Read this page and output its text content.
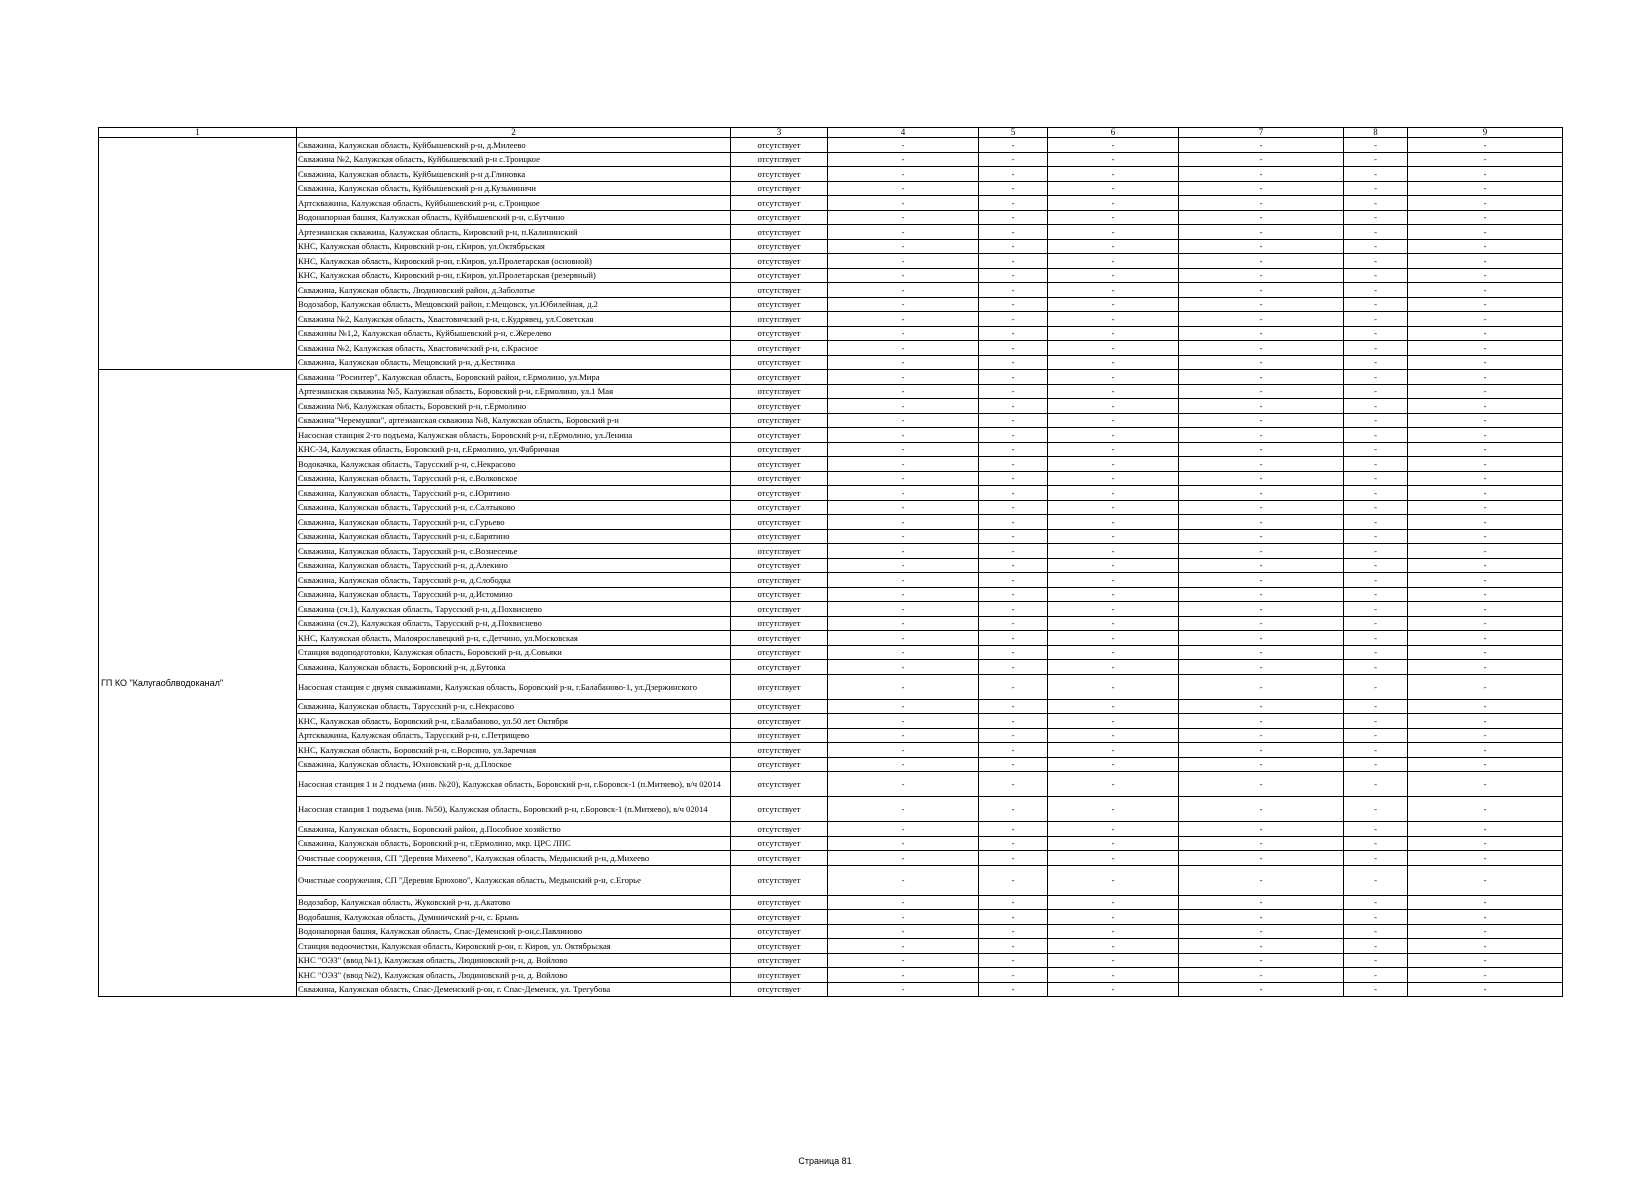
1	2	3	4	5	6	7	8	9
	Скважина, Калужская область, Куйбышевский р-н, д.Милеево	отсутствует	-	-	-	-	-	-
	Скважина №2, Калужская область, Куйбышевский р-н с.Троицкое	отсутствует	-	-	-	-	-	-
	Скважина, Калужская область, Куйбышевский р-н д.Глиновка	отсутствует	-	-	-	-	-	-
	Скважина, Калужская область, Куйбышевский р-н д.Кузьминичи	отсутствует	-	-	-	-	-	-
	Артскважина, Калужская область, Куйбышевский р-н, с.Троицкое	отсутствует	-	-	-	-	-	-
	Водонапорная башня, Калужская область, Куйбышевский р-н, с.Бутчино	отсутствует	-	-	-	-	-	-
	Артезианская скважина, Калужская область, Кировский р-н, п.Калининский	отсутствует	-	-	-	-	-	-
	КНС, Калужская область, Кировский р-он, г.Киров, ул.Октябрьская	отсутствует	-	-	-	-	-	-
	КНС, Калужская область, Кировский р-он, г.Киров, ул.Пролетарская (основной)	отсутствует	-	-	-	-	-	-
	КНС, Калужская область, Кировский р-он, г.Киров, ул.Пролетарская (резервный)	отсутствует	-	-	-	-	-	-
	Скважина, Калужская область, Людиновский район, д.Заболотье	отсутствует	-	-	-	-	-	-
	Водозабор, Калужская область, Мещовский район, г.Мещовск, ул.Юбилейная, д.2	отсутствует	-	-	-	-	-	-
	Скважина №2, Калужская область, Хвастовичский р-н, с.Кудрявец, ул.Советская	отсутствует	-	-	-	-	-	-
	Скважины №1,2, Калужская область, Куйбышевский р-н, с.Жерелево	отсутствует	-	-	-	-	-	-
	Скважина №2, Калужская область, Хвастовичский р-н, с.Красное	отсутствует	-	-	-	-	-	-
	Скважина, Калужская область, Мещовский р-н, д.Кестинка	отсутствует	-	-	-	-	-	-
ГП КО "Калугаоблводоканал"	Скважина "Росинтер", Калужская область, Боровский район, г.Ермолино, ул.Мира	отсутствует	-	-	-	-	-	-
	Артезианская скважина №5, Калужская область, Боровский р-н, г.Ермолино, ул.1 Мая	отсутствует	-	-	-	-	-	-
	Скважина №6, Калужская область, Боровский р-н, г.Ермолино	отсутствует	-	-	-	-	-	-
	Скважина"Черемушки", артезианская скважина №8, Калужская область, Боровский р-н	отсутствует	-	-	-	-	-	-
	Насосная станция 2-го подъема, Калужская область, Боровский р-н, г.Ермолино, ул.Ленина	отсутствует	-	-	-	-	-	-
	КНС-34, Калужская область, Боровский р-н, г.Ермолино, ул.Фабричная	отсутствует	-	-	-	-	-	-
	Водокачка, Калужская область, Тарусский р-н, с.Некрасово	отсутствует	-	-	-	-	-	-
	Скважина, Калужская область, Тарусский р-н, с.Волковское	отсутствует	-	-	-	-	-	-
	Скважина, Калужская область, Тарусский р-н, с.Юрятино	отсутствует	-	-	-	-	-	-
	Скважина, Калужская область, Тарусский р-н, с.Салтыково	отсутствует	-	-	-	-	-	-
	Скважина, Калужская область, Тарусский р-н, с.Гурьево	отсутствует	-	-	-	-	-	-
	Скважина, Калужская область, Тарусский р-н, с.Барятино	отсутствует	-	-	-	-	-	-
	Скважина, Калужская область, Тарусский р-н, с.Вознесенье	отсутствует	-	-	-	-	-	-
	Скважина, Калужская область, Тарусский р-н, д.Алекино	отсутствует	-	-	-	-	-	-
	Скважина, Калужская область, Тарусский р-н, д.Слободка	отсутствует	-	-	-	-	-	-
	Скважина, Калужская область, Тарусский р-н, д.Истомино	отсутствует	-	-	-	-	-	-
	Скважина (сч.1), Калужская область, Тарусский р-н, д.Похвиснево	отсутствует	-	-	-	-	-	-
	Скважина (сч.2), Калужская область, Тарусский р-н, д.Похвиснево	отсутствует	-	-	-	-	-	-
	КНС, Калужская область, Малоярославецкий р-н, с.Детчино, ул.Московская	отсутствует	-	-	-	-	-	-
	Станция водоподготовки, Калужская область, Боровский р-н, д.Совьяки	отсутствует	-	-	-	-	-	-
	Скважина, Калужская область, Боровский р-н, д.Бутовка	отсутствует	-	-	-	-	-	-
	Насосная станция с двумя скважинами, Калужская область, Боровский р-н, г.Балабаново-1, ул.Дзержинского	отсутствует	-	-	-	-	-	-
	Скважина, Калужская область, Тарусский р-н, с.Некрасово	отсутствует	-	-	-	-	-	-
	КНС, Калужская область, Боровский р-н, г.Балабаново, ул.50 лет Октября	отсутствует	-	-	-	-	-	-
	Артскважина, Калужская область, Тарусский р-н, с.Петрищево	отсутствует	-	-	-	-	-	-
	КНС, Калужская область, Боровский р-н, с.Ворсино, ул.Заречная	отсутствует	-	-	-	-	-	-
	Скважина, Калужская область, Юхновский р-н, д.Плоское	отсутствует	-	-	-	-	-	-
	Насосная станция 1 и 2 подъема (инв. №20), Калужская область, Боровский р-н, г.Боровск-1 (п.Митяево), в/ч 02014	отсутствует	-	-	-	-	-	-
	Насосная станция 1 подъема (инв. №50), Калужская область, Боровский р-н, г.Боровск-1 (п.Митяево), в/ч 02014	отсутствует	-	-	-	-	-	-
	Скважина, Калужская область, Боровский район, д.Пособное хозяйство	отсутствует	-	-	-	-	-	-
	Скважина, Калужская область, Боровский р-н, г.Ермолино, мкр. ЦРС ЛПС	отсутствует	-	-	-	-	-	-
	Очистные сооружения, СП "Деревня Михеево", Калужская область, Медынский р-н, д.Михеево	отсутствует	-	-	-	-	-	-
	Очистные сооружения, СП "Деревня Брюхово", Калужская область, Медынский р-н, с.Егорье	отсутствует	-	-	-	-	-	-
	Водозабор, Калужская область, Жуковский р-н, д.Акатово	отсутствует	-	-	-	-	-	-
	Водобашня, Калужская область, Думиничский р-н, с. Брынь	отсутствует	-	-	-	-	-	-
	Водонапорная башня, Калужская область, Спас-Деменский р-он,с.Павлиново	отсутствует	-	-	-	-	-	-
	Станция водоочистки, Калужская область, Кировский р-он, г. Киров, ул. Октябрьская	отсутствует	-	-	-	-	-	-
	КНС "ОЭЗ" (ввод №1), Калужская область, Людиновский р-н, д. Войлово	отсутствует	-	-	-	-	-	-
	КНС "ОЭЗ" (ввод №2), Калужская область, Людиновский р-н, д. Войлово	отсутствует	-	-	-	-	-	-
	Скважина, Калужская область, Спас-Деменский р-он, г. Спас-Деменск, ул. Трегубова	отсутствует	-	-	-	-	-	-
Страница 81
